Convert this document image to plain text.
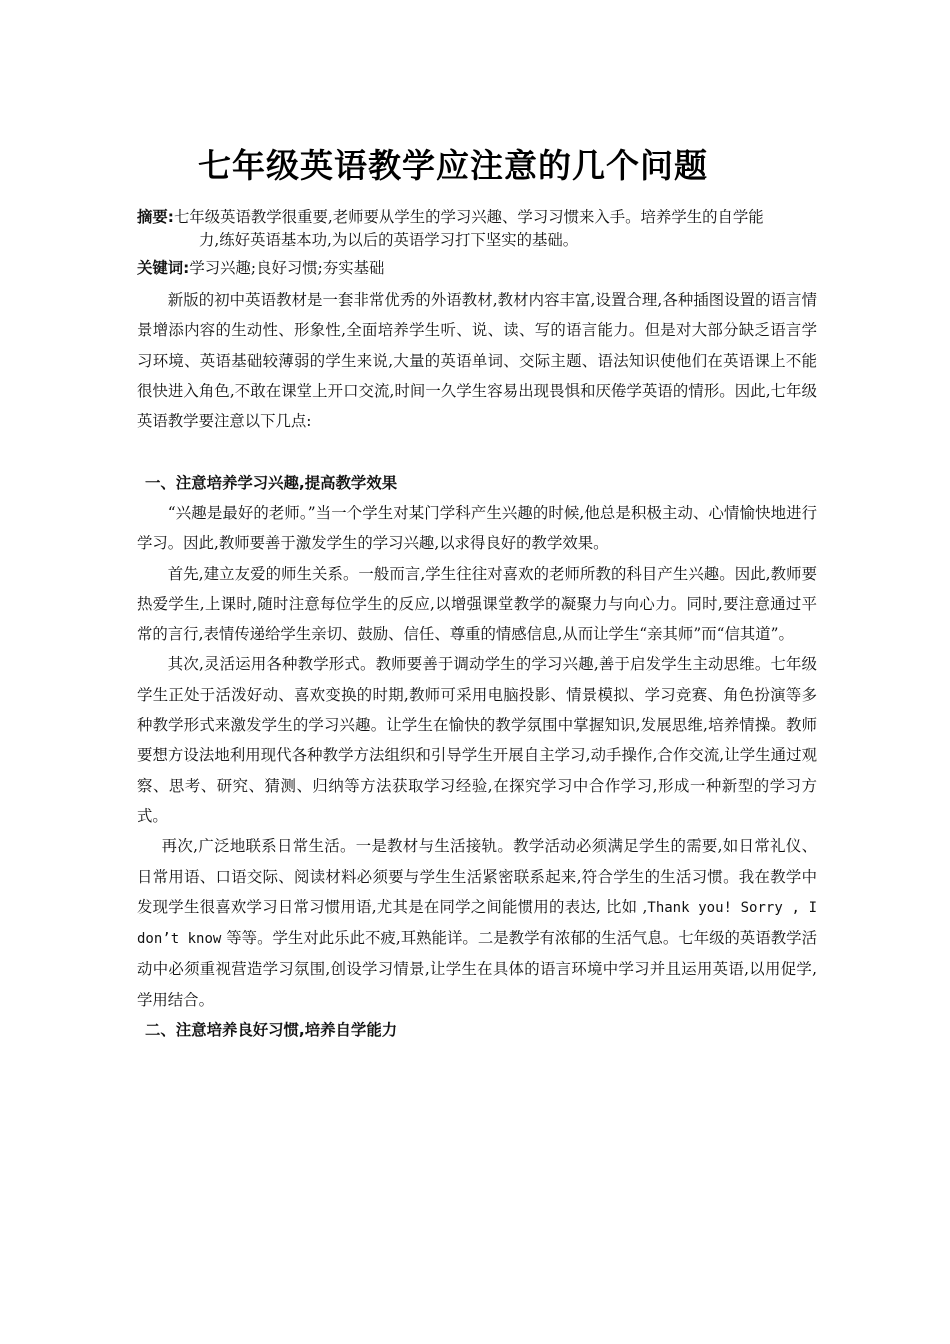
七年级英语教学应注意的几个问题
摘要:七年级英语教学很重要,老师要从学生的学习兴趣、学习习惯来入手。培养学生的自学能
力,练好英语基本功,为以后的英语学习打下坚实的基础。
关键词:学习兴趣;良好习惯;夯实基础

新版的初中英语教材是一套非常优秀的外语教材,教材内容丰富,设置合理,各种插图设置的语言情景增添内容的生动性、形象性,全面培养学生听、说、读、写的语言能力。但是对大部分缺乏语言学习环境、英语基础较薄弱的学生来说,大量的英语单词、交际主题、语法知识使他们在英语课上不能很快进入角色,不敢在课堂上开口交流,时间一久学生容易出现畏惧和厌倦学英语的情形。因此,七年级英语教学要注意以下几点:

一、注意培养学习兴趣,提高教学效果

“兴趣是最好的老师。”当一个学生对某门学科产生兴趣的时候,他总是积极主动、心情愉快地进行学习。因此,教师要善于激发学生的学习兴趣,以求得良好的教学效果。

首先,建立友爱的师生关系。一般而言,学生往往对喜欢的老师所教的科目产生兴趣。因此,教师要热爱学生,上课时,随时注意每位学生的反应,以增强课堂教学的凝聚力与向心力。同时,要注意通过平常的言行,表情传递给学生亲切、鼓励、信任、尊重的情感信息,从而让学生“亲其师”而“信其道”。

其次,灵活运用各种教学形式。教师要善于调动学生的学习兴趣,善于启发学生主动思维。七年级学生正处于活泼好动、喜欢变换的时期,教师可采用电脑投影、情景模拟、学习竞赛、角色扮演等多种教学形式来激发学生的学习兴趣。让学生在愉快的教学氛围中掌握知识,发展思维,培养情操。教师要想方设法地利用现代各种教学方法组织和引导学生开展自主学习,动手操作,合作交流,让学生通过观察、思考、研究、猜测、归纳等方法获取学习经验,在探究学习中合作学习,形成一种新型的学习方式。

再次,广泛地联系日常生活。一是教材与生活接轨。教学活动必须满足学生的需要,如日常礼仪、日常用语、口语交际、阅读材料必须要与学生生活紧密联系起来,符合学生的生活习惯。我在教学中发现学生很喜欢学习日常习惯用语,尤其是在同学之间能惯用的表达, 比如 ,Thank you! Sorry , I don’t know 等等。学生对此乐此不疲,耳熟能详。二是教学有浓郁的生活气息。七年级的英语教学活动中必须重视营造学习氛围,创设学习情景,让学生在具体的语言环境中学习并且运用英语,以用促学,学用结合。

二、注意培养良好习惯,培养自学能力
